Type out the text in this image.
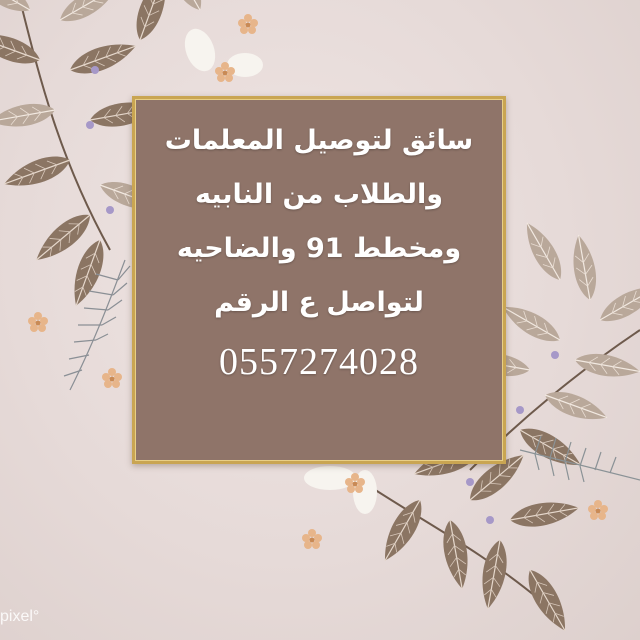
سائق لتوصيل المعلمات
والطلاب من النابيه
ومخطط 91 والضاحيه
لتواصل ع الرقم
0557274028
pixel°
